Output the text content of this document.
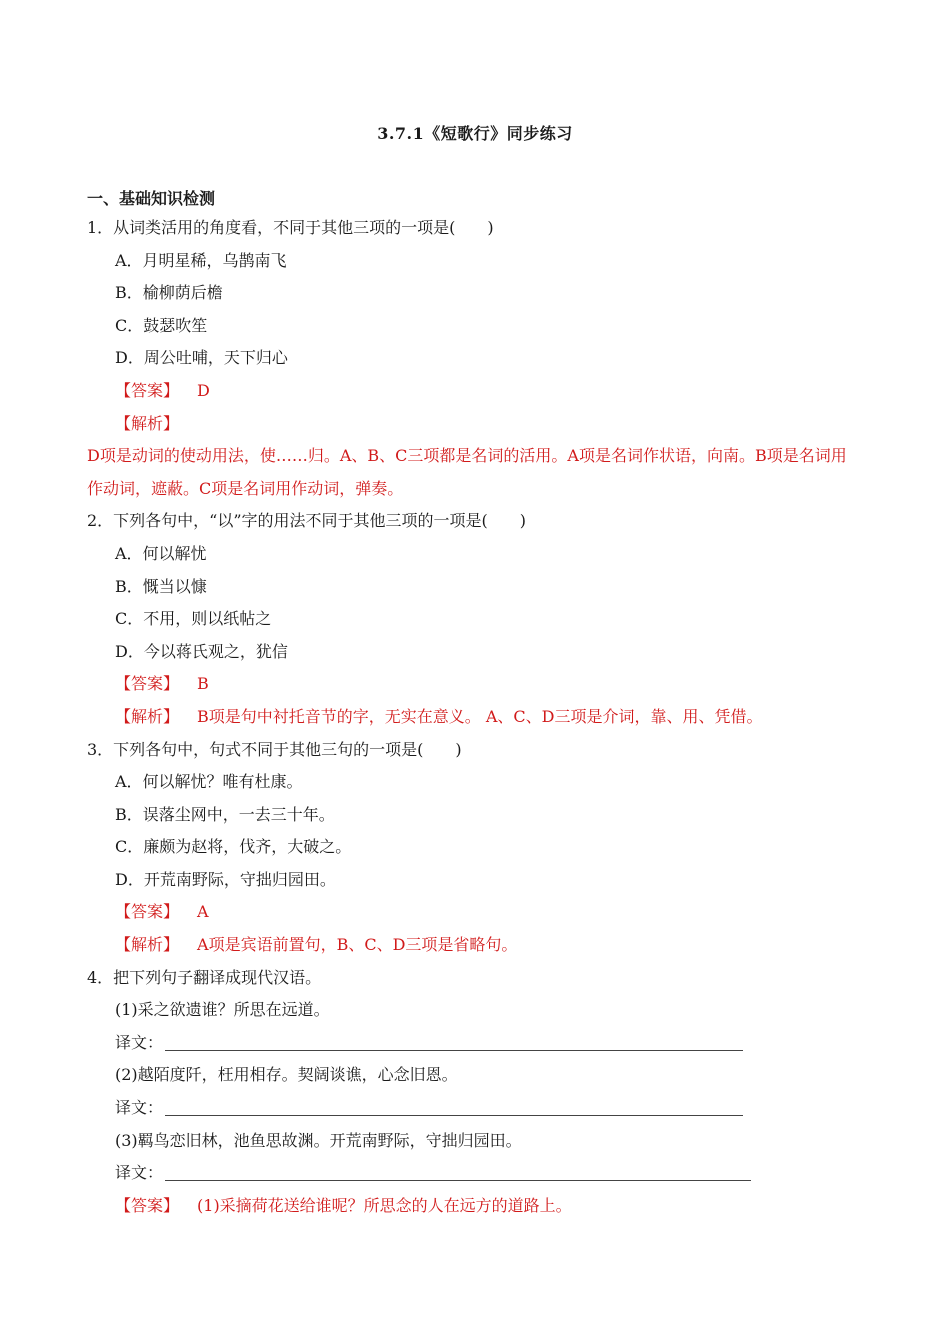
3.7.1《短歌行》同步练习
一、基础知识检测
1．从词类活用的角度看，不同于其他三项的一项是(　　)
A．月明星稀，乌鹊南飞
B．榆柳荫后檐
C．鼓瑟吹笙
D．周公吐哺，天下归心
【答案】 D
【解析】
D项是动词的使动用法，使……归。A、B、C三项都是名词的活用。A项是名词作状语，向南。B项是名词用
作动词，遮蔽。C项是名词用作动词，弹奏。
2．下列各句中，“以”字的用法不同于其他三项的一项是(　　)
A．何以解忧
B．慨当以慷
C．不用，则以纸帖之
D．今以蒋氏观之，犹信
【答案】 B
【解析】 B项是句中衬托音节的字，无实在意义。 A、C、D三项是介词，靠、用、凭借。
3．下列各句中，句式不同于其他三句的一项是(　　)
A．何以解忧？唯有杜康。
B．误落尘网中，一去三十年。
C．廉颇为赵将，伐齐，大破之。
D．开荒南野际，守拙归园田。
【答案】 A
【解析】 A项是宾语前置句，B、C、D三项是省略句。
4．把下列句子翻译成现代汉语。
(1)采之欲遗谁？所思在远道。
译文：
(2)越陌度阡，枉用相存。契阔谈谯，心念旧恩。
译文：
(3)羁鸟恋旧林，池鱼思故渊。开荒南野际，守拙归园田。
译文：
【答案】 (1)采摘荷花送给谁呢？所思念的人在远方的道路上。
